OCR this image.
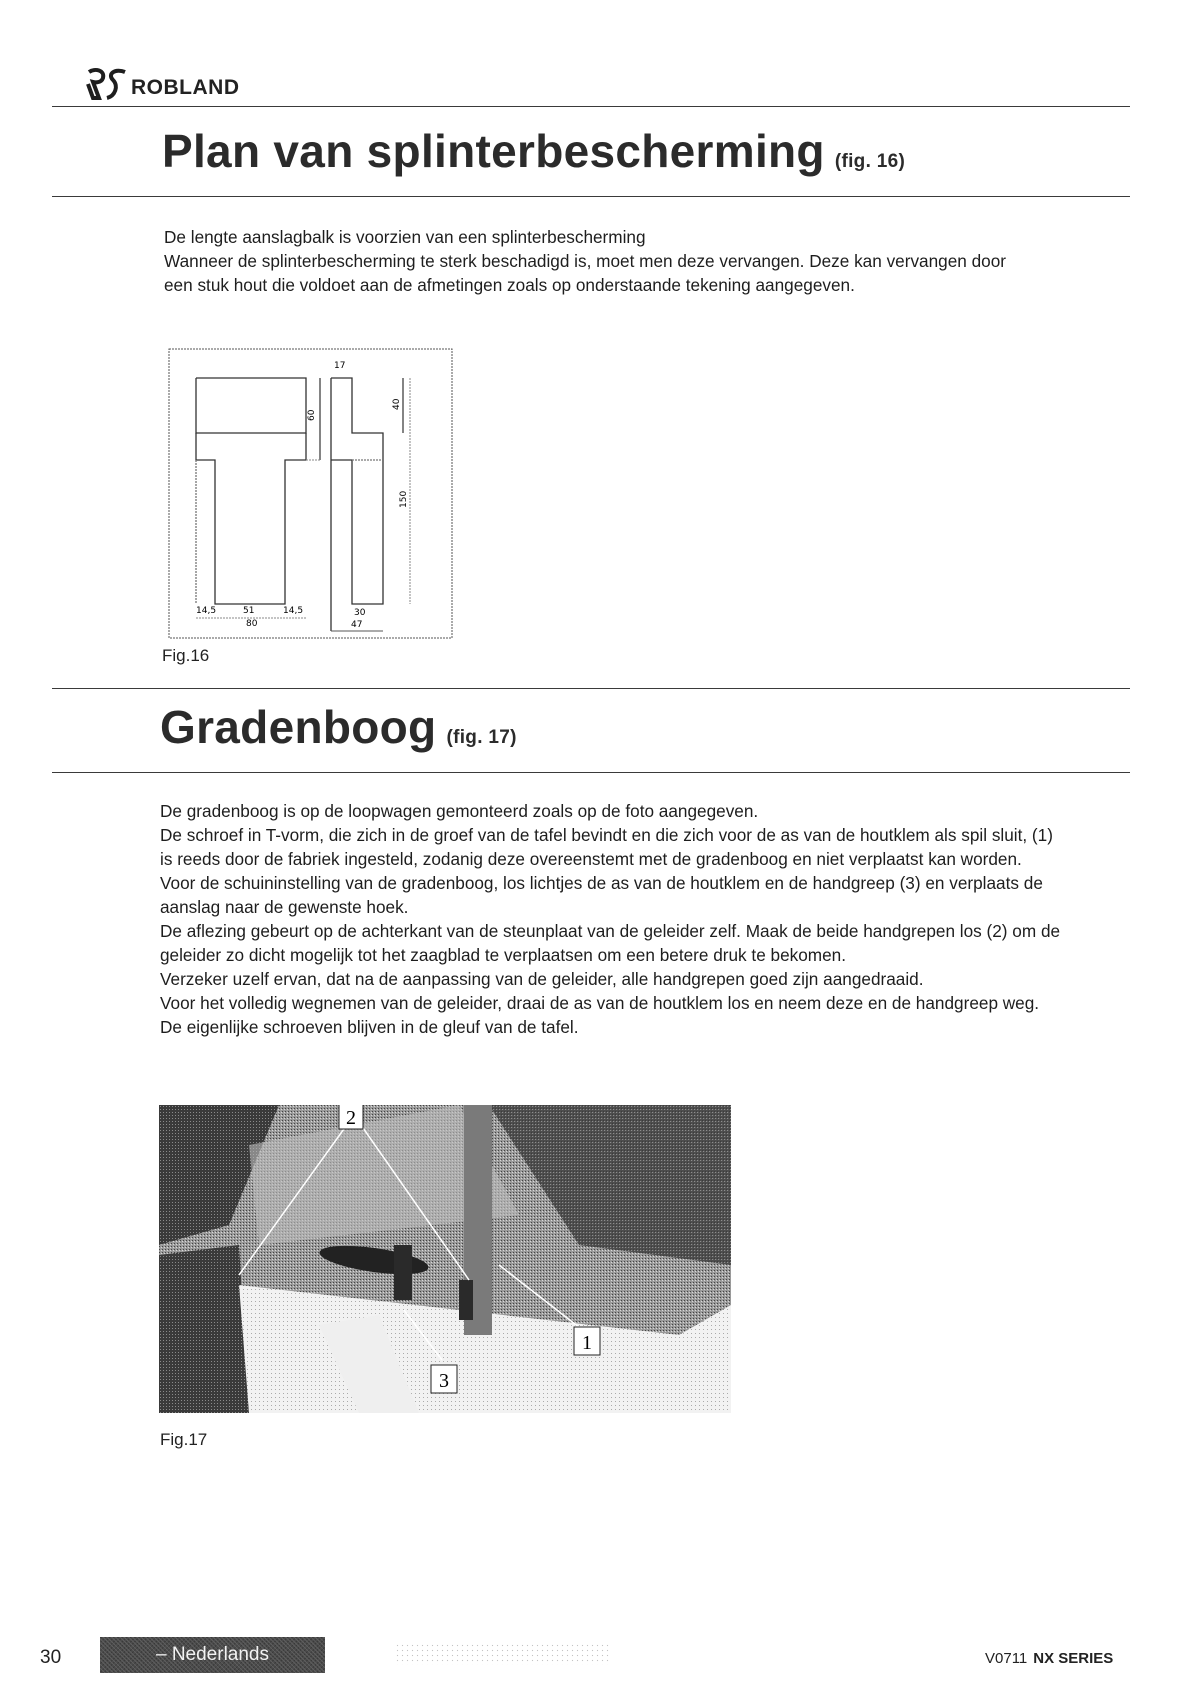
ROBLAND
Plan van splinterbescherming (fig. 16)

De lengte aanslagbalk is voorzien van een splinterbescherming

Wanneer de splinterbescherming te sterk beschadigd is, moet men deze vervangen. Deze kan vervangen door een stuk hout die voldoet aan de afmetingen zoals op onderstaande tekening aangegeven.

60
14,5	51	14,5
80
17
40
150
30
47
Fig.16
Gradenboog (fig. 17)

De gradenboog is op de loopwagen gemonteerd zoals op de foto aangegeven.

De schroef in T-vorm, die zich in de groef van de tafel bevindt en die zich voor de as van de houtklem als spil sluit, (1) is reeds door de fabriek ingesteld, zodanig deze overeenstemt met de gradenboog en niet verplaatst kan worden.

Voor de schuininstelling van de gradenboog, los lichtjes de as van de houtklem en de handgreep (3) en verplaats de aanslag naar de gewenste hoek.

De aflezing gebeurt op de achterkant van de steunplaat van de geleider zelf. Maak de beide handgrepen los (2) om de geleider zo dicht mogelijk tot het zaagblad te verplaatsen om een betere druk te bekomen.

Verzeker uzelf ervan, dat na de aanpassing van de geleider, alle handgrepen goed zijn aangedraaid.

Voor het volledig wegnemen van de geleider, draai de as van de houtklem los en neem deze en de handgreep weg. De eigenlijke schroeven blijven in de gleuf van de tafel.

2
1
3
Fig.17
30	– Nederlands	V0711 NX SERIES
